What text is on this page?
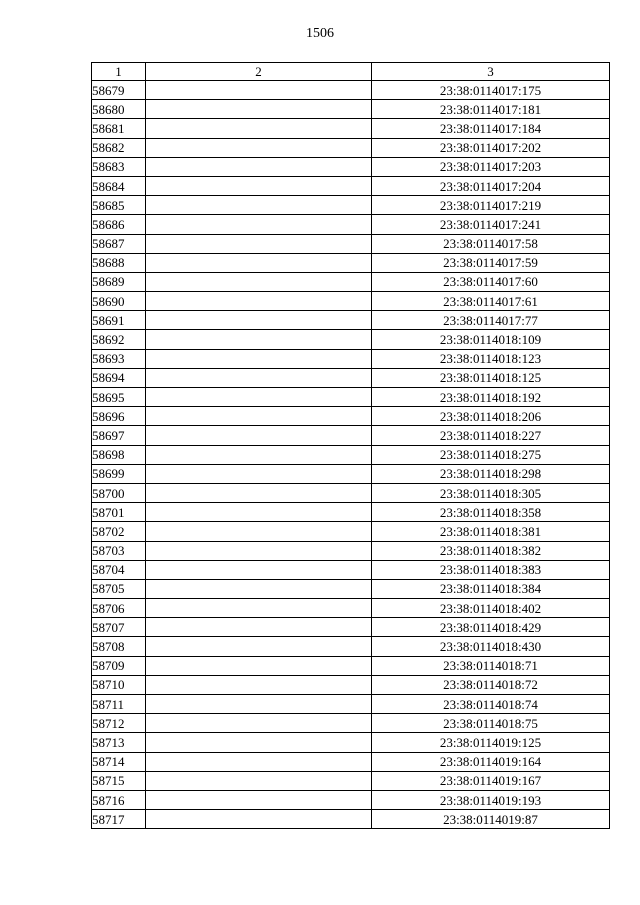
1506
1	2	3
58679		23:38:0114017:175
58680		23:38:0114017:181
58681		23:38:0114017:184
58682		23:38:0114017:202
58683		23:38:0114017:203
58684		23:38:0114017:204
58685		23:38:0114017:219
58686		23:38:0114017:241
58687		23:38:0114017:58
58688		23:38:0114017:59
58689		23:38:0114017:60
58690		23:38:0114017:61
58691		23:38:0114017:77
58692		23:38:0114018:109
58693		23:38:0114018:123
58694		23:38:0114018:125
58695		23:38:0114018:192
58696		23:38:0114018:206
58697		23:38:0114018:227
58698		23:38:0114018:275
58699		23:38:0114018:298
58700		23:38:0114018:305
58701		23:38:0114018:358
58702		23:38:0114018:381
58703		23:38:0114018:382
58704		23:38:0114018:383
58705		23:38:0114018:384
58706		23:38:0114018:402
58707		23:38:0114018:429
58708		23:38:0114018:430
58709		23:38:0114018:71
58710		23:38:0114018:72
58711		23:38:0114018:74
58712		23:38:0114018:75
58713		23:38:0114019:125
58714		23:38:0114019:164
58715		23:38:0114019:167
58716		23:38:0114019:193
58717		23:38:0114019:87
